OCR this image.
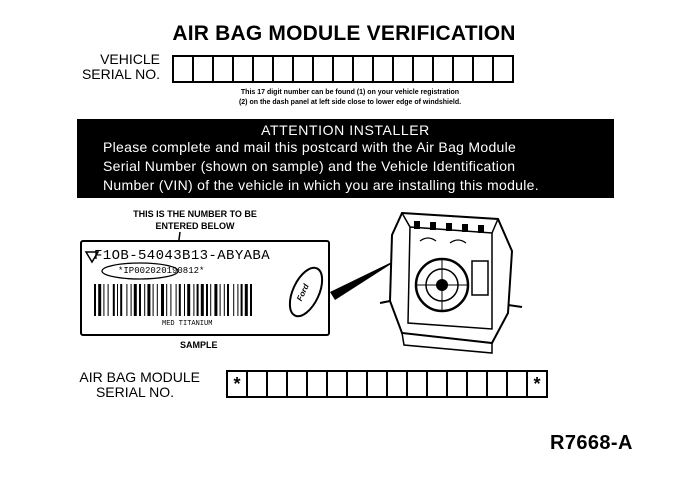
AIR BAG MODULE VERIFICATION
VEHICLE
SERIAL NO.
This 17 digit number can be found (1) on your vehicle registration
(2) on the dash panel at left side close to lower edge of windshield.
ATTENTION INSTALLER
Please complete and mail this postcard with the Air Bag Module
Serial Number (shown on sample) and the Vehicle Identification
Number (VIN) of the vehicle in which you are installing this module.
THIS IS THE NUMBER TO BE
ENTERED BELOW
F1OB-54043B13-ABYABA
*IP002020190812*
MED TITANIUM
Ford
SAMPLE
AIR BAG MODULE
SERIAL NO.	*	*
R7668-A
